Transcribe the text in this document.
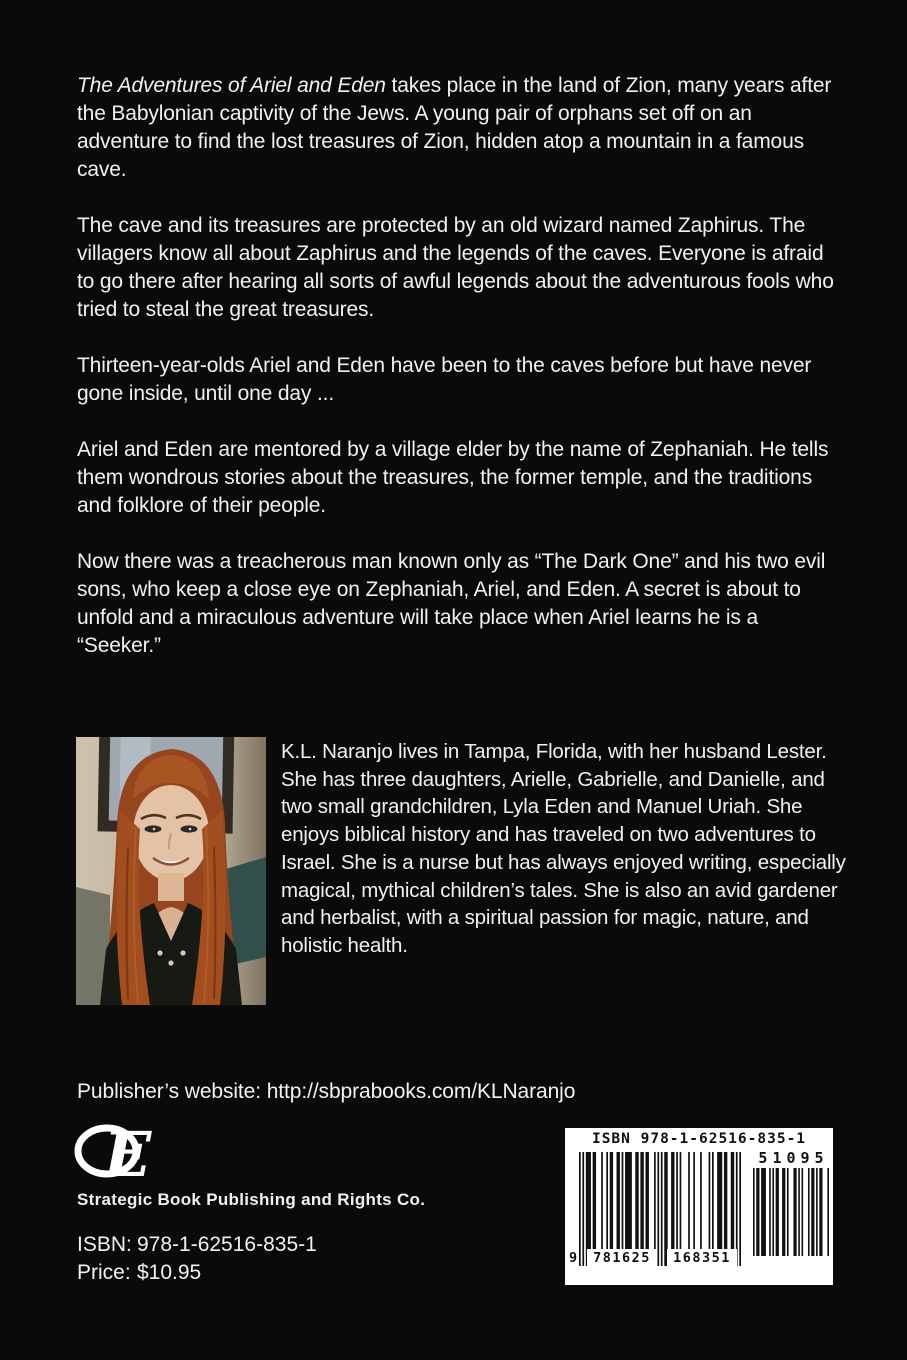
The Adventures of Ariel and Eden takes place in the land of Zion, many years after the Babylonian captivity of the Jews. A young pair of orphans set off on an adventure to find the lost treasures of Zion, hidden atop a mountain in a famous cave.

The cave and its treasures are protected by an old wizard named Zaphirus. The villagers know all about Zaphirus and the legends of the caves. Everyone is afraid to go there after hearing all sorts of awful legends about the adventurous fools who tried to steal the great treasures.

Thirteen-year-olds Ariel and Eden have been to the caves before but have never gone inside, until one day ...

Ariel and Eden are mentored by a village elder by the name of Zephaniah. He tells them wondrous stories about the treasures, the former temple, and the traditions and folklore of their people.

Now there was a treacherous man known only as “The Dark One” and his two evil sons, who keep a close eye on Zephaniah, Ariel, and Eden. A secret is about to unfold and a miraculous adventure will take place when Ariel learns he is a “Seeker.”

K.L. Naranjo lives in Tampa, Florida, with her husband Lester. She has three daughters, Arielle, Gabrielle, and Danielle, and two small grandchildren, Lyla Eden and Manuel Uriah. She enjoys biblical history and has traveled on two adventures to Israel. She is a nurse but has always enjoyed writing, especially magical, mythical children’s tales. She is also an avid gardener and herbalist, with a spiritual passion for magic, nature, and holistic health.
Publisher’s website: http://sbprabooks.com/KLNaranjo
E
Strategic Book Publishing and Rights Co.
ISBN: 978-1-62516-835-1
Price: $10.95
ISBN 978-1-62516-835-1
51095
9	781625	168351
